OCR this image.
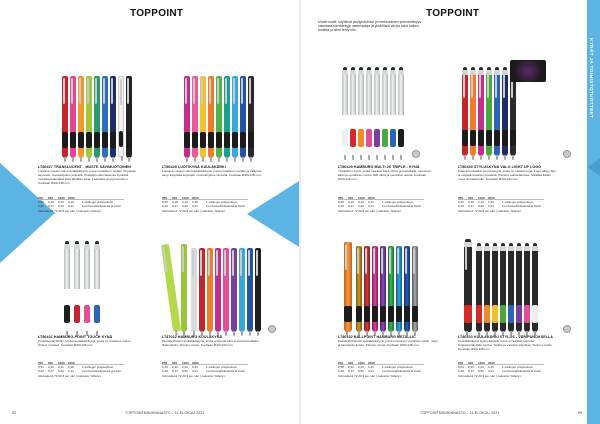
TOPPOINT	TOPPOINT
Monet mallit, näyttävät yksityiskohdat ja merkkauksen yhteneväisyys valmistaa kierrätettyjä materiaaleja ja yksilöllisiä väreja sekä kaiken tuotetta ja siten tehty niin.
KYNÄT JA TOIMISTOTUOTTEET
LT80427 TRANSLUCENT - MUSTE SAVIMUOTOINEN
Loistava vuoden väri kuulakärkikynä, jossa metallinen vartalo. Kirjoittaa sujuvasti, mustekirjoitus sinisellä. Pidetään ulkomaisessa kynässä muokkausalustaksi jotta jätetään sana. Laadukas ja ergonominen. Kooltaan Ø10x138 mm.
250	500	1000	2500
0,60	0,49	0,44	0,40	1-värilogo/ yksipuolinen
0,29	0,27	0,26	0,24	Luonnosvärikirjasinta ja fontti
Aloituskulut 72,00 € per väri / painatus / lähetys
LT80428 LUOTIKYNÄ KUULAKÄRKI
Loistava vuoden väri kuulakärkikynä, jossa metallinen vartalo ja valikoiva sävy. Kirjoittaa sujuvasti, mustekirjoitus sinisellä. Kooltaan Ø10x138 mm.
250	500	1000	2500
0,55	0,48	0,43	0,38	1-värilogo/ yksipuolinen
0,29	0,27	0,26	0,24	Luonnosvärikirjasinta ja fontti
Aloituskulut 72,00 € per väri / painatus / lähetys
LT80429 HAMBURG MULTI 26 TRIPLE - KYNÄ
Yksilöllinen kynä, jonka mukana tulee stylus ja kuulakärki, muovinen kärki ja metallinen runko. 500 väriä ja muotoilun avulla. Kooltaan Ø10x139 mm.
250	500	1000	2500
0,58	0,49	0,44	0,41	1-värilogo/ yksipuolinen
0,29	0,27	0,26	0,24	Luonnosvärikirjasinta ja fontti
Aloituskulut 72,00 € per väri / painatus / lähetys
LT80430 STYLUSKYNÄ VALO LIGHT UP LOGO
Kätevä kuulakärki ja styluskynä, jossa on valaistu logo. Logo näkyy läpi ja näyttää upealta pimeässä. Paristot vaihdettavissa. Sisältää kaikki muut ominaisuudet. Kooltaan Ø10x140 mm.
250	500	1000	2500
2,60	2,30	2,10	1,90	1-värilogo/ yksipuolinen
0,29	0,27	0,26	0,24	Luonnosvärikirjasinta ja fontti
Aloituskulut 72,00 € per väri / painatus / lähetys
LT80431 HAMBURG-POINT TOUCH KYNÄ
Kosketusnäyttöihin sopiva kuulakärkikynä, jossa on kosketus-stylus. Siniset musteet. Kooltaan Ø10x138 mm.
250	500	1000	2500
0,51	0,46	0,41	0,38	1-värilogo/ yksipuolinen
0,29	0,27	0,26	0,24	Luonnosvärikirjasinta ja fontti
Aloituskulut 72,00 € per väri / painatus / lähetys
LT87022 HAMBURG KUULAKYNÄ
Monikäyttöinen kuulakärkikynä, jonka erottuvat värit soveltuvat kaikkiin tilaisuuksiin. Sininen muste. Kooltaan Ø10x140 mm.
250	500	1000	2500
0,44	0,39	0,36	0,33	1-värilogo/ yksipuolinen
0,29	0,27	0,26	0,24	Luonnosvärikirjasinta ja fontti
Aloituskulut 72,00 € per väri / painatus / lähetys
LT80432 BALLPOINT HAMBURG METALLIC
Metallinhohtoinen kuulakärkikynä, jossa muovinen metallinen kärki, napit ja kierrätetty kotelo. Sininen muste. Kooltaan Ø10x138 mm.
250	500	1000	2500
0,58	0,50	0,45	0,41	1-värilogo/ yksipuolinen
0,29	0,27	0,26	0,24	Luonnosvärikirjasinta ja fontti
Aloituskulut 72,00 € per väri / painatus / lähetys
LT80433 KUULAKÄRKI STYLUS - VÄRIPUNOKSELLA
Kuulakärkikynä stylus-kärjellä, jossa on värikäs kumiote. Kosketusnäytöille sopiva. Tarkka ja vaivaton kirjoittaa. Sininen muste. Kooltaan Ø10x138 mm.
250	500	1000	2500
0,64	0,55	0,49	0,45	1-värilogo/ yksipuolinen
0,29	0,27	0,26	0,24	Luonnosvärikirjasinta ja fontti
Aloituskulut 72,00 € per väri / painatus / lähetys
92	TOPPOINTMINIHINNASTO - 31.ELOKUU 2021	TOPPOINTMINIHINNASTO - 31.ELOKUU 2021	93
